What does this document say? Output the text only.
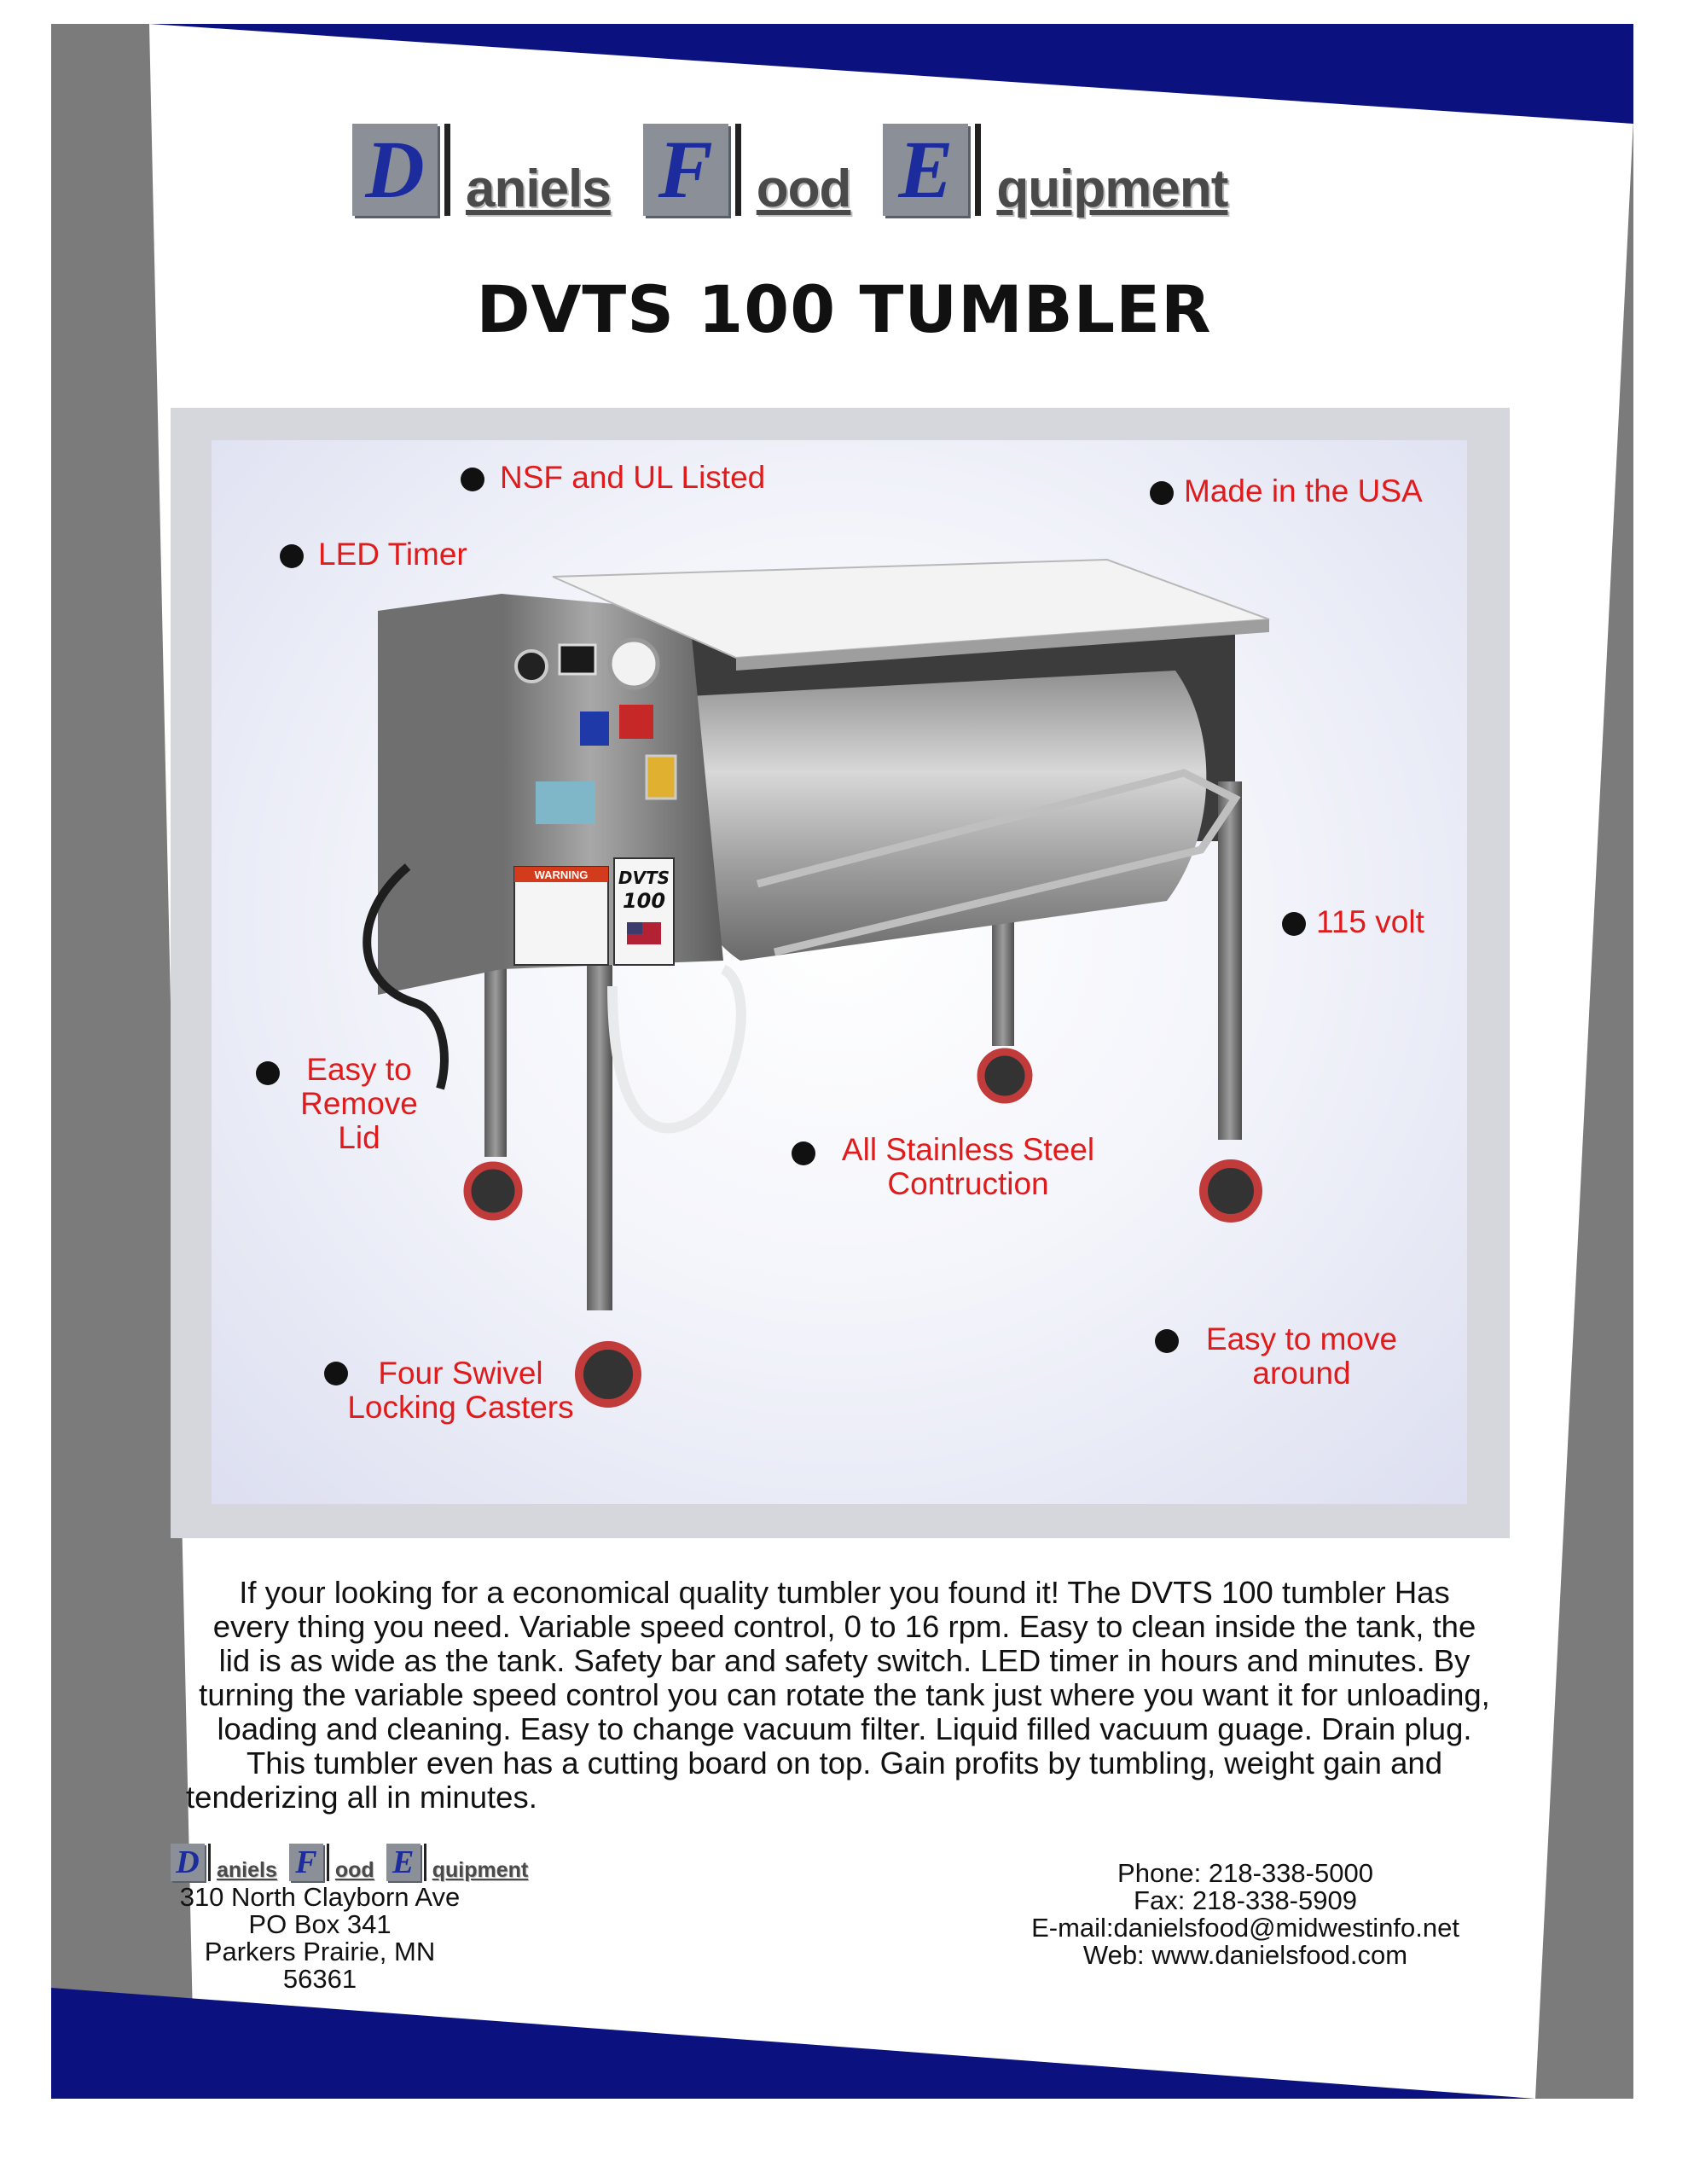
D aniels F ood E quipment
DVTS 100 TUMBLER
WARNING DVTS
100
NSF and UL Listed	Made in the USA
LED Timer
115 volt
Easy to
Remove
Lid	All Stainless Steel
Contruction
Easy to move
around
Four Swivel
Locking Casters
If your looking for a economical quality tumbler you found it! The DVTS 100 tumbler Has
every thing you need. Variable speed control, 0 to 16 rpm. Easy to clean inside the tank, the
lid is as wide as the tank. Safety bar and safety switch. LED timer in hours and minutes. By
turning the variable speed control you can rotate the tank just where you want it for unloading,
loading and cleaning. Easy to change vacuum filter. Liquid filled vacuum guage. Drain plug.
This tumbler even has a cutting board on top. Gain profits by tumbling, weight gain and
tenderizing all in minutes.
D aniels F ood E quipment
310 North Clayborn Ave
PO Box 341
Parkers Prairie, MN 56361
Phone: 218-338-5000
Fax: 218-338-5909
E-mail:danielsfood@midwestinfo.net
Web: www.danielsfood.com
